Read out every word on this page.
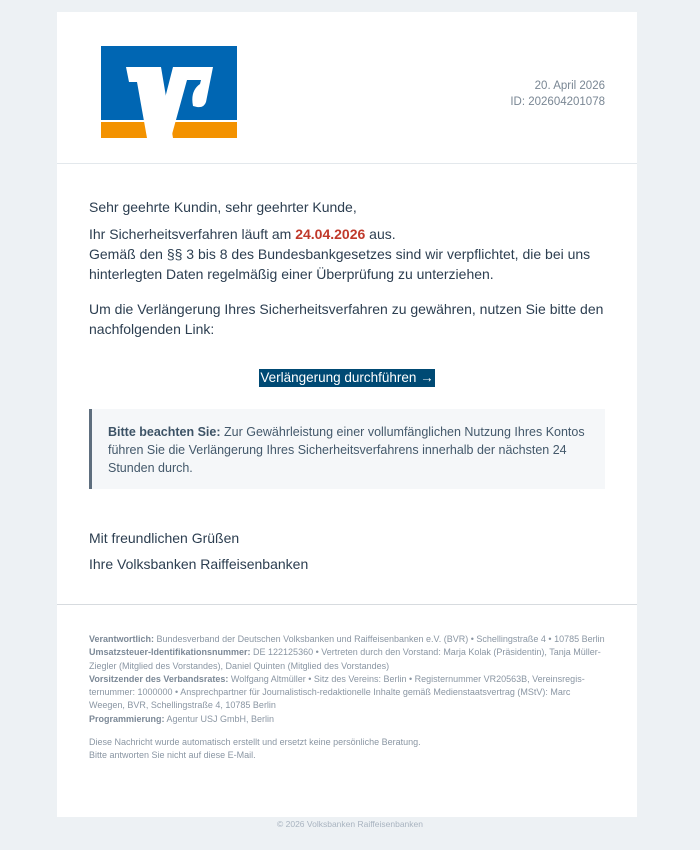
20. April 2026
ID: 202604201078

Sehr geehrte Kundin, sehr geehrter Kunde,

Ihr Sicherheitsverfahren läuft am 24.04.2026 aus.
Gemäß den §§ 3 bis 8 des Bundesbankgesetzes sind wir verpflichtet, die bei uns hinterlegten Daten regelmäßig einer Überprüfung zu unterziehen.

Um die Verlängerung Ihres Sicherheitsverfahren zu gewähren, nutzen Sie bitte den nachfolgenden Link:

Verlängerung durchführen →
Bitte beachten Sie: Zur Gewährleistung einer vollumfänglichen Nutzung Ihres Kontos führen Sie die Verlängerung Ihres Sicherheitsverfahrens innerhalb der nächsten 24 Stunden durch.

Mit freundlichen Grüßen

Ihre Volksbanken Raiffeisenbanken

Verantwortlich: Bundesverband der Deutschen Volksbanken und Raiffeisenbanken e.V. (BVR) • Schellingstraße 4 • 10785 Berlin
Umsatzsteuer-Identifikationsnummer: DE 122125360 • Vertreten durch den Vorstand: Marja Kolak (Präsidentin), Tanja Müller-Ziegler (Mitglied des Vorstandes), Daniel Quinten (Mitglied des Vorstandes)
Vorsitzender des Verbandsrates: Wolfgang Altmüller • Sitz des Vereins: Berlin • Registernummer VR20563B, Vereinsregisternummer: 1000000 • Ansprechpartner für Journalistisch-redaktionelle Inhalte gemäß Medienstaatsvertrag (MStV): Marc Weegen, BVR, Schellingstraße 4, 10785 Berlin
Programmierung: Agentur USJ GmbH, Berlin
Diese Nachricht wurde automatisch erstellt und ersetzt keine persönliche Beratung.
Bitte antworten Sie nicht auf diese E-Mail.
© 2026 Volksbanken Raiffeisenbanken
